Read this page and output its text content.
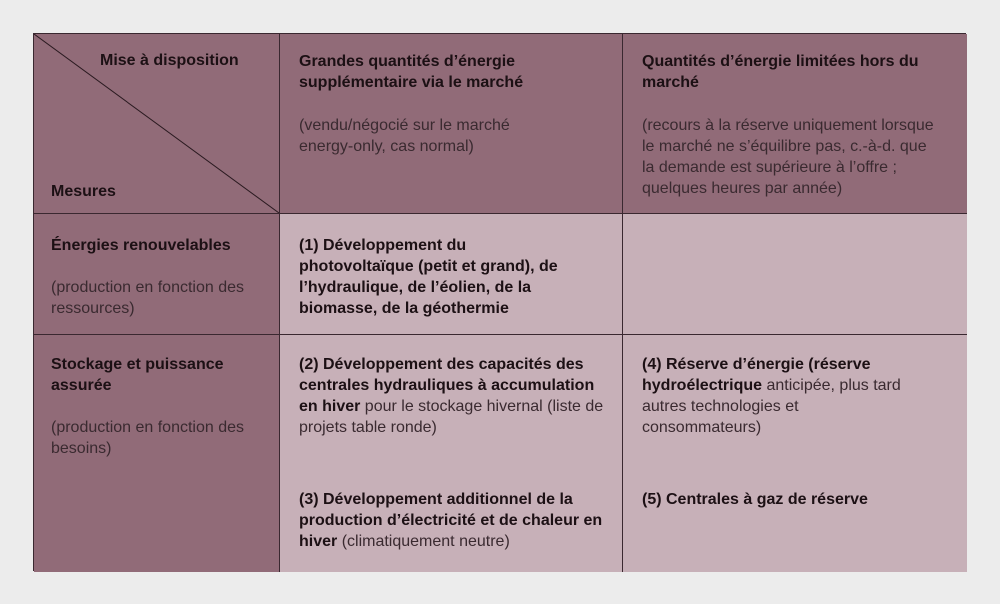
Mise à disposition

Mesures

Grandes quantités d’énergie supplémentaire via le marché

(vendu/négocié sur le marché energy-only, cas normal)

Quantités d’énergie limitées hors du marché

(recours à la réserve uniquement lorsque le marché ne s’équilibre pas, c.-à-d. que la demande est supérieure à l’offre ; quelques heures par année)

Énergies renouvelables

(production en fonction des ressources)

(1) Développement du photovoltaïque (petit et grand), de l’hydraulique, de l’éolien, de la biomasse, de la géothermie

Stockage et puissance assurée

(production en fonction des besoins)

(2) Développement des capacités des centrales hydrauliques à accumulation en hiver pour le stockage hivernal (liste de projets table ronde)

(3) Développement additionnel de la production d’électricité et de chaleur en hiver (climatiquement neutre)

(4) Réserve d’énergie (réserve hydroélectrique anticipée, plus tard autres technologies et consommateurs)

(5) Centrales à gaz de réserve
